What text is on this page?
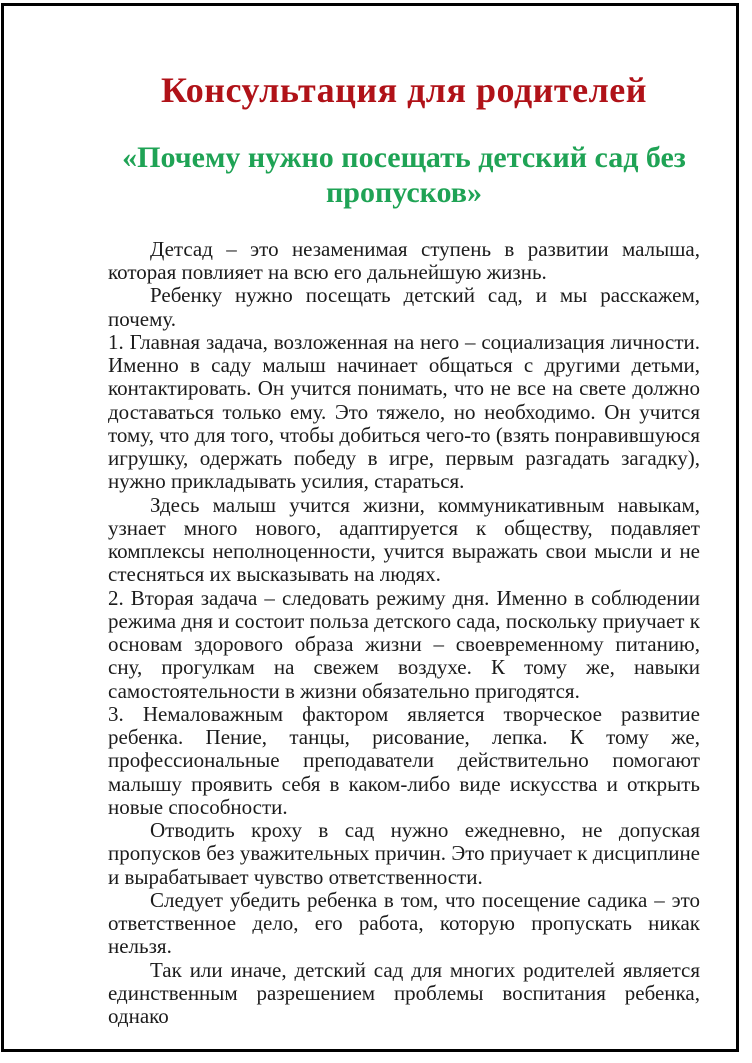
Консультация для родителей
«Почему нужно посещать детский сад без пропусков»

Детсад – это незаменимая ступень в развитии малыша, которая повлияет на всю его дальнейшую жизнь.

Ребенку нужно посещать детский сад, и мы расскажем, почему.

1. Главная задача, возложенная на него – социализация личности. Именно в саду малыш начинает общаться с другими детьми, контактировать. Он учится понимать, что не все на свете должно доставаться только ему. Это тяжело, но необходимо. Он учится тому, что для того, чтобы добиться чего-то (взять понравившуюся игрушку, одержать победу в игре, первым разгадать загадку), нужно прикладывать усилия, стараться.

Здесь малыш учится жизни, коммуникативным навыкам, узнает много нового, адаптируется к обществу, подавляет комплексы неполноценности, учится выражать свои мысли и не стесняться их высказывать на людях.

2. Вторая задача – следовать режиму дня. Именно в соблюдении режима дня и состоит польза детского сада, поскольку приучает к основам здорового образа жизни – своевременному питанию, сну, прогулкам на свежем воздухе. К тому же, навыки самостоятельности в жизни обязательно пригодятся.

3. Немаловажным фактором является творческое развитие ребенка. Пение, танцы, рисование, лепка. К тому же, профессиональные преподаватели действительно помогают малышу проявить себя в каком-либо виде искусства и открыть новые способности.

Отводить кроху в сад нужно ежедневно, не допуская пропусков без уважительных причин. Это приучает к дисциплине и вырабатывает чувство ответственности.

Следует убедить ребенка в том, что посещение садика – это ответственное дело, его работа, которую пропускать никак нельзя.

Так или иначе, детский сад для многих родителей является единственным разрешением проблемы воспитания ребенка, однако
